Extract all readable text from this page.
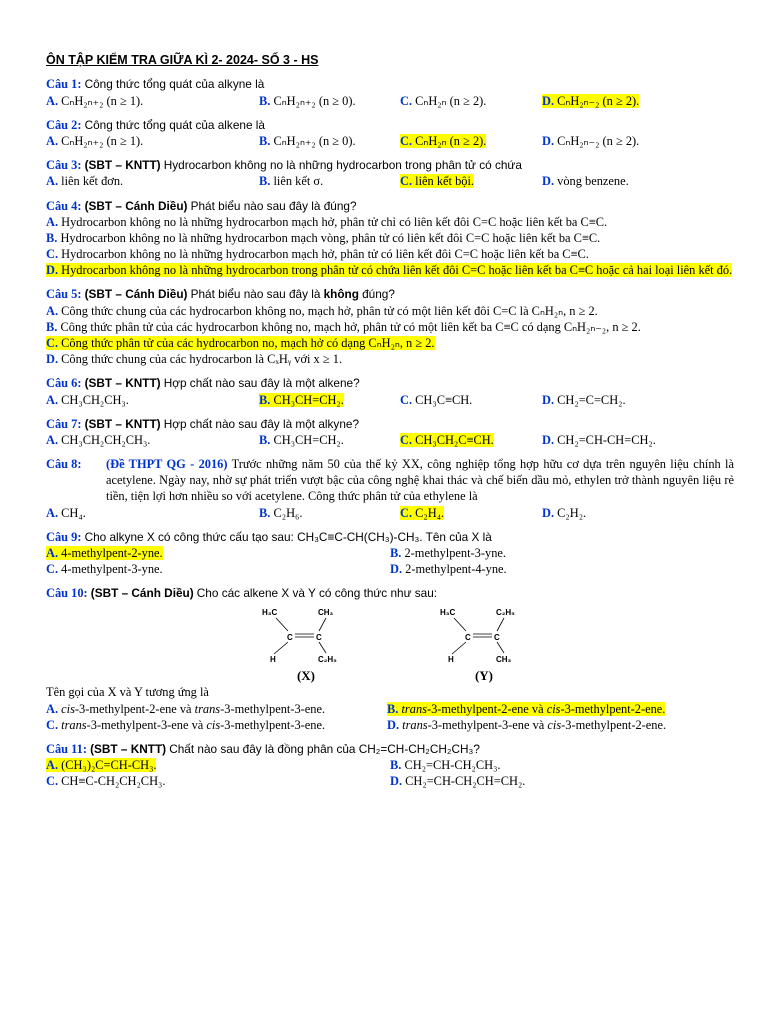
ÔN TẬP KIỂM TRA GIỮA KÌ 2- 2024- SỐ 3 - HS
Câu 1: Công thức tổng quát của alkyne là
A. CₙH₂ₙ₊₂ (n ≥ 1).	B. CₙH₂ₙ₊₂ (n ≥ 0).	C. CₙH₂ₙ (n ≥ 2).	D. CₙH₂ₙ₋₂ (n ≥ 2).
Câu 2: Công thức tổng quát của alkene là
A. CₙH₂ₙ₊₂ (n ≥ 1).	B. CₙH₂ₙ₊₂ (n ≥ 0).	C. CₙH₂ₙ (n ≥ 2).	D. CₙH₂ₙ₋₂ (n ≥ 2).
Câu 3: (SBT – KNTT) Hydrocarbon không no là những hydrocarbon trong phân tử có chứa
A. liên kết đơn.	B. liên kết σ.	C. liên kết bội.	D. vòng benzene.
Câu 4: (SBT – Cánh Diều) Phát biểu nào sau đây là đúng?
A. Hydrocarbon không no là những hydrocarbon mạch hở, phân tử chỉ có liên kết đôi C=C hoặc liên kết ba C≡C.
B. Hydrocarbon không no là những hydrocarbon mạch vòng, phân tử có liên kết đôi C=C hoặc liên kết ba C≡C.
C. Hydrocarbon không no là những hydrocarbon mạch hở, phân tử có liên kết đôi C=C hoặc liên kết ba C≡C.
D. Hydrocarbon không no là những hydrocarbon trong phân tử có chứa liên kết đôi C=C hoặc liên kết ba C≡C hoặc cả hai loại liên kết đó.
Câu 5: (SBT – Cánh Diều) Phát biểu nào sau đây là không đúng?
A. Công thức chung của các hydrocarbon không no, mạch hở, phân tử có một liên kết đôi C=C là CₙH₂ₙ, n ≥ 2.
B. Công thức phân tử của các hydrocarbon không no, mạch hở, phân tử có một liên kết ba C≡C có dạng CₙH₂ₙ₋₂, n ≥ 2.
C. Công thức phân tử của các hydrocarbon no, mạch hở có dạng CₙH₂ₙ, n ≥ 2.
D. Công thức chung của các hydrocarbon là CₓHᵧ với x ≥ 1.
Câu 6: (SBT – KNTT) Hợp chất nào sau đây là một alkene?
A. CH₃CH₂CH₃.	B. CH₃CH=CH₂.	C. CH₃C≡CH.	D. CH₂=C=CH₂.
Câu 7: (SBT – KNTT) Hợp chất nào sau đây là một alkyne?
A. CH₃CH₂CH₂CH₃.	B. CH₃CH=CH₂.	C. CH₃CH₂C≡CH.	D. CH₂=CH-CH=CH₂.
Câu 8:	(Đề THPT QG - 2016) Trước những năm 50 của thế kỷ XX, công nghiệp tổng hợp hữu cơ dựa trên nguyên liệu chính là acetylene. Ngày nay, nhờ sự phát triển vượt bậc của công nghệ khai thác và chế biến dầu mỏ, ethylen trở thành nguyên liệu rẻ tiền, tiện lợi hơn nhiều so với acetylene. Công thức phân tử của ethylene là
A. CH₄.	B. C₂H₆.	C. C₂H₄.	D. C₂H₂.
Câu 9: Cho alkyne X có công thức cấu tạo sau: CH₃C≡C-CH(CH₃)-CH₃. Tên của X là
A. 4-methylpent-2-yne.	B. 2-methylpent-3-yne.
C. 4-methylpent-3-yne.	D. 2-methylpent-4-yne.
Câu 10: (SBT – Cánh Diều) Cho các alkene X và Y có công thức như sau:
H₃C	CH₃
H	C₂H₅
C	C
(X)
H₃C	C₂H₅
H	CH₃
C	C
(Y)
Tên gọi của X và Y tương ứng là
A. cis-3-methylpent-2-ene và trans-3-methylpent-3-ene.	B. trans-3-methylpent-2-ene và cis-3-methylpent-2-ene.
C. trans-3-methylpent-3-ene và cis-3-methylpent-3-ene.	D. trans-3-methylpent-3-ene và cis-3-methylpent-2-ene.
Câu 11: (SBT – KNTT) Chất nào sau đây là đồng phân của CH₂=CH-CH₂CH₂CH₃?
A. (CH₃)₂C=CH-CH₃.	B. CH₂=CH-CH₂CH₃.
C. CH≡C-CH₂CH₂CH₃.	D. CH₂=CH-CH₂CH=CH₂.
